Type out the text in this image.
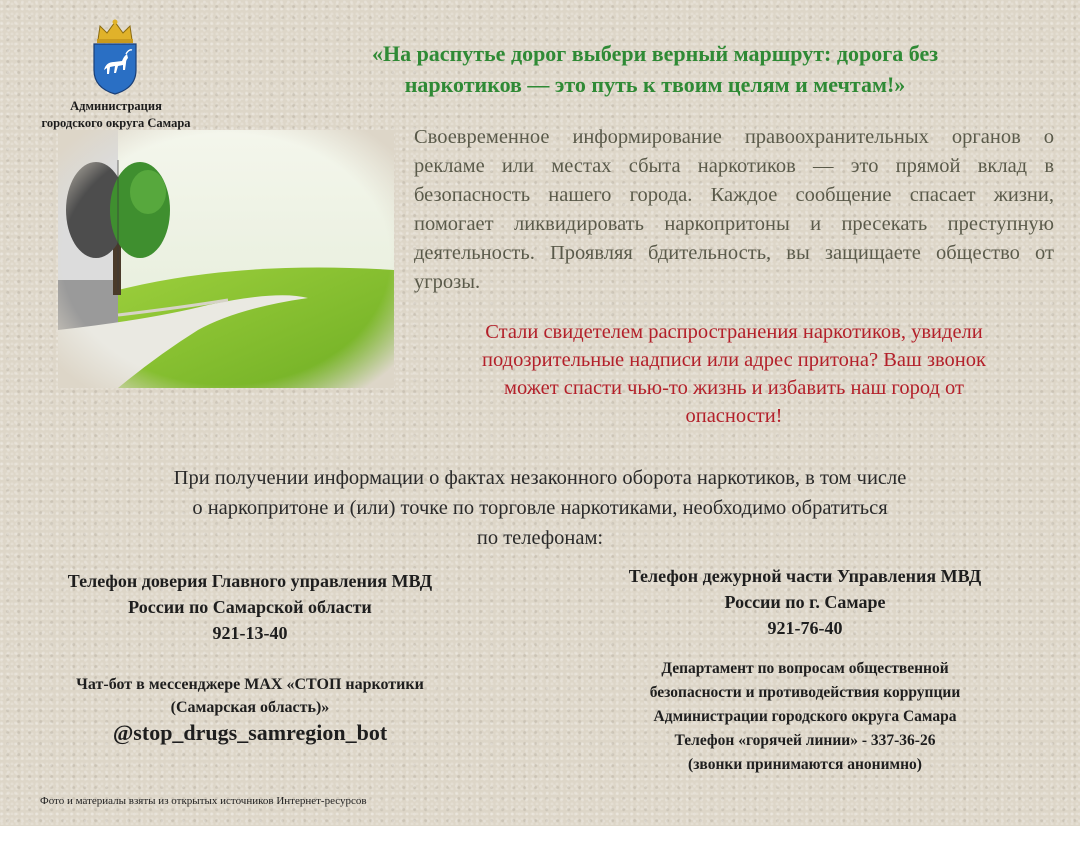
Администрация
городского округа Самара
«На распутье дорог выбери верный маршрут: дорога без
наркотиков — это путь к твоим целям и мечтам!»
Своевременное информирование правоохранительных органов о рекламе или местах сбыта наркотиков — это прямой вклад в безопасность нашего города. Каждое сообщение спасает жизни, помогает ликвидировать наркопритоны и пресекать преступную деятельность. Проявляя бдительность, вы защищаете общество от угрозы.
Стали свидетелем распространения наркотиков, увидели
подозрительные надписи или адрес притона? Ваш звонок
может спасти чью-то жизнь и избавить наш город от
опасности!
При получении информации о фактах незаконного оборота наркотиков, в том числе
о наркопритоне и (или) точке по торговле наркотиками, необходимо обратиться
по телефонам:
Телефон доверия Главного управления МВД
России по Самарской области
921-13-40
Телефон дежурной части Управления МВД
России по г. Самаре
921-76-40
Чат-бот в мессенджере MAX «СТОП наркотики
(Самарская область)»
@stop_drugs_samregion_bot
Департамент по вопросам общественной
безопасности и противодействия коррупции
Администрации городского округа Самара
Телефон «горячей линии» - 337-36-26
(звонки принимаются анонимно)
Фото и материалы взяты из открытых источников Интернет-ресурсов
